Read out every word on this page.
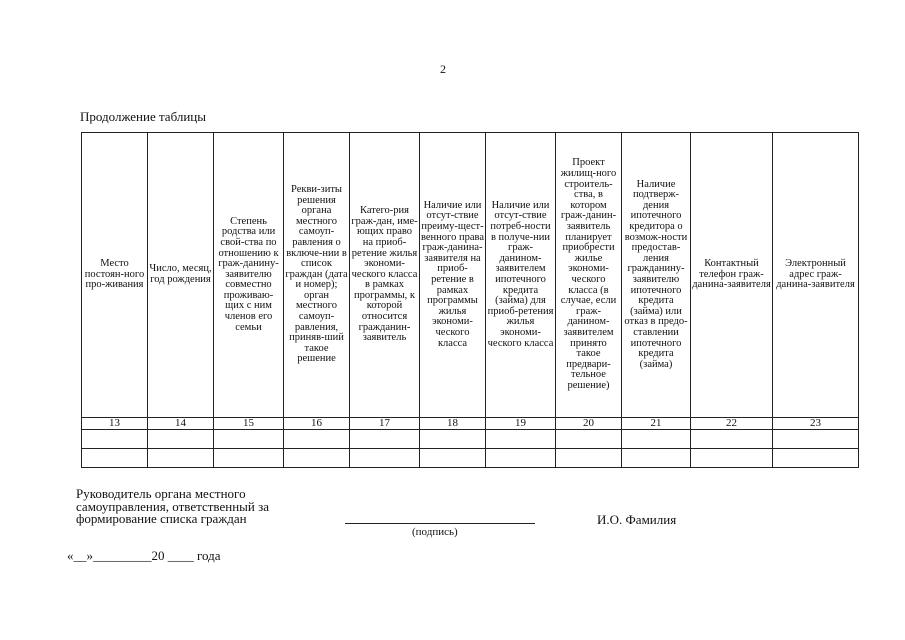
2
Продолжение таблицы
Место постоян-ного про-живания	Число, месяц, год рождения	Степень родства или свой-ства по отношению к граж-данину-заявителю совместно проживаю-щих с ним членов его семьи	Рекви-зиты решения органа местного самоуп-равления о включе-нии в список граждан (дата и номер); орган местного самоуп-равления, приняв-ший такое решение	Катего-рия граж-дан, име-ющих право на приоб-ретение жилья экономи-ческого класса в рамках программы, к которой относится гражданин-заявитель	Наличие или отсут-ствие преиму-щест-венного права граж-данина-заявителя на приоб-ретение в рамках программы жилья экономи-ческого класса	Наличие или отсут-ствие потреб-ности в получе-нии граж-данином-заявителем ипотечного кредита (займа) для приоб-ретения жилья экономи-ческого класса	Проект жилищ-ного строитель-ства, в котором граж-данин-заявитель планирует приобрести жилье экономи-ческого класса (в случае, если граж-данином-заявителем принято такое предвари-тельное решение)	Наличие подтверж-дения ипотечного кредитора о возмож-ности предостав-ления гражданину-заявителю ипотечного кредита (займа) или отказ в предо-ставлении ипотечного кредита (займа)	Контактный телефон граж-данина-заявителя	Электронный адрес граж-данина-заявителя
13	14	15	16	17	18	19	20	21	22	23

Руководитель органа местного самоуправления, ответственный за формирование списка граждан
(подпись)
И.О. Фамилия
«__»_________20 ____ года
